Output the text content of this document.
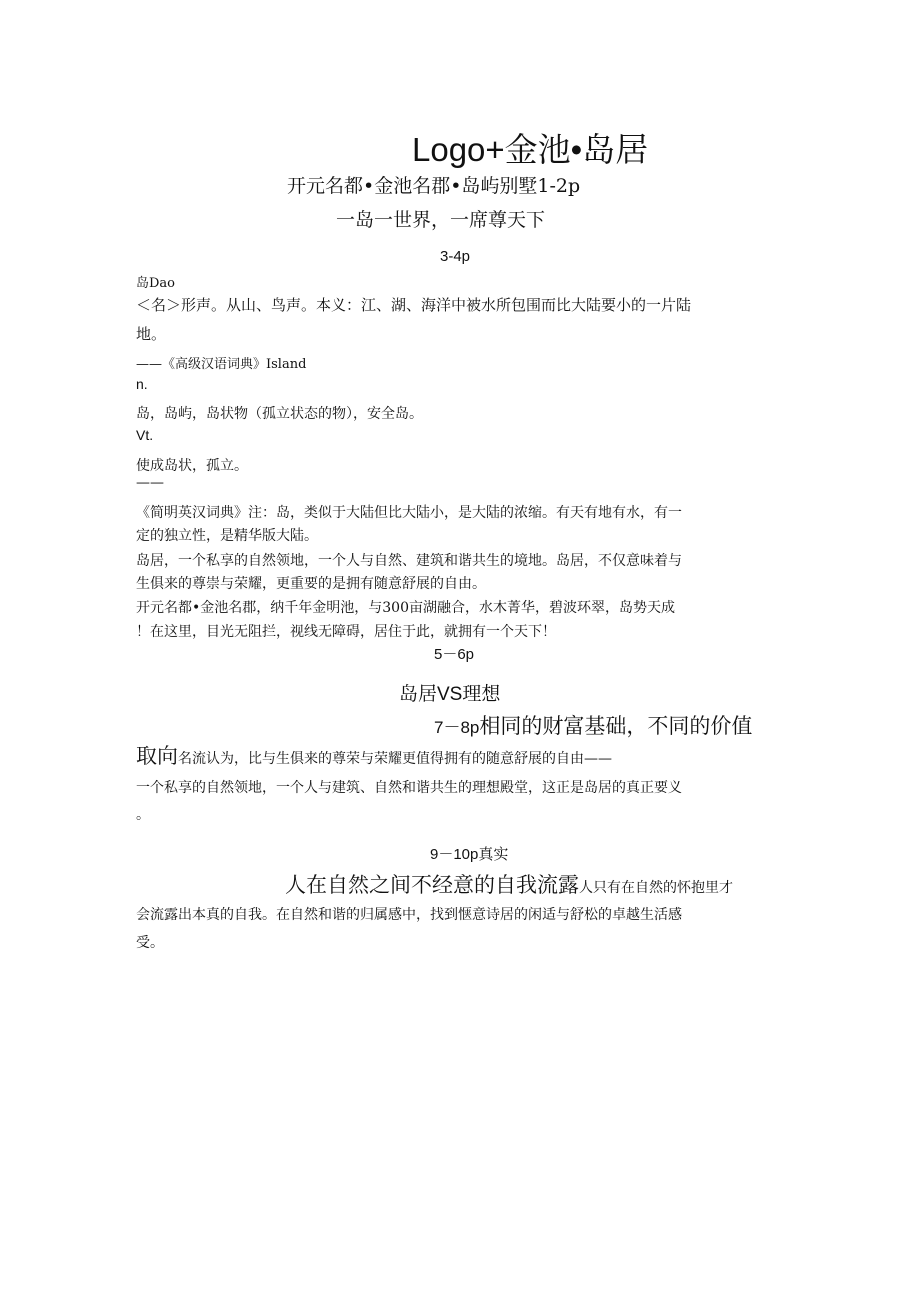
Logo+金池•岛居
开元名都•金池名郡•岛屿别墅1-2p
一岛一世界，一席尊天下
3-4p
岛Dao
＜名＞形声。从山、鸟声。本义：江、湖、海洋中被水所包围而比大陆要小的一片陆
地。
——《高级汉语词典》Island
n.
岛，岛屿，岛状物（孤立状态的物），安全岛。
Vt.
使成岛状，孤立。
——
《简明英汉词典》注：岛，类似于大陆但比大陆小，是大陆的浓缩。有天有地有水，有一
定的独立性，是精华版大陆。
岛居，一个私享的自然领地，一个人与自然、建筑和谐共生的境地。岛居，不仅意味着与
生俱来的尊崇与荣耀，更重要的是拥有随意舒展的自由。
开元名都•金池名郡，纳千年金明池，与300亩湖融合，水木菁华，碧波环翠，岛势天成
！在这里，目光无阻拦，视线无障碍，居住于此，就拥有一个天下！
5－6p
岛居VS理想
7－8p相同的财富基础，不同的价值
取向名流认为，比与生俱来的尊荣与荣耀更值得拥有的随意舒展的自由——
一个私享的自然领地，一个人与建筑、自然和谐共生的理想殿堂，这正是岛居的真正要义
。
9－10p真实
人在自然之间不经意的自我流露人只有在自然的怀抱里才
会流露出本真的自我。在自然和谐的归属感中，找到惬意诗居的闲适与舒松的卓越生活感
受。
